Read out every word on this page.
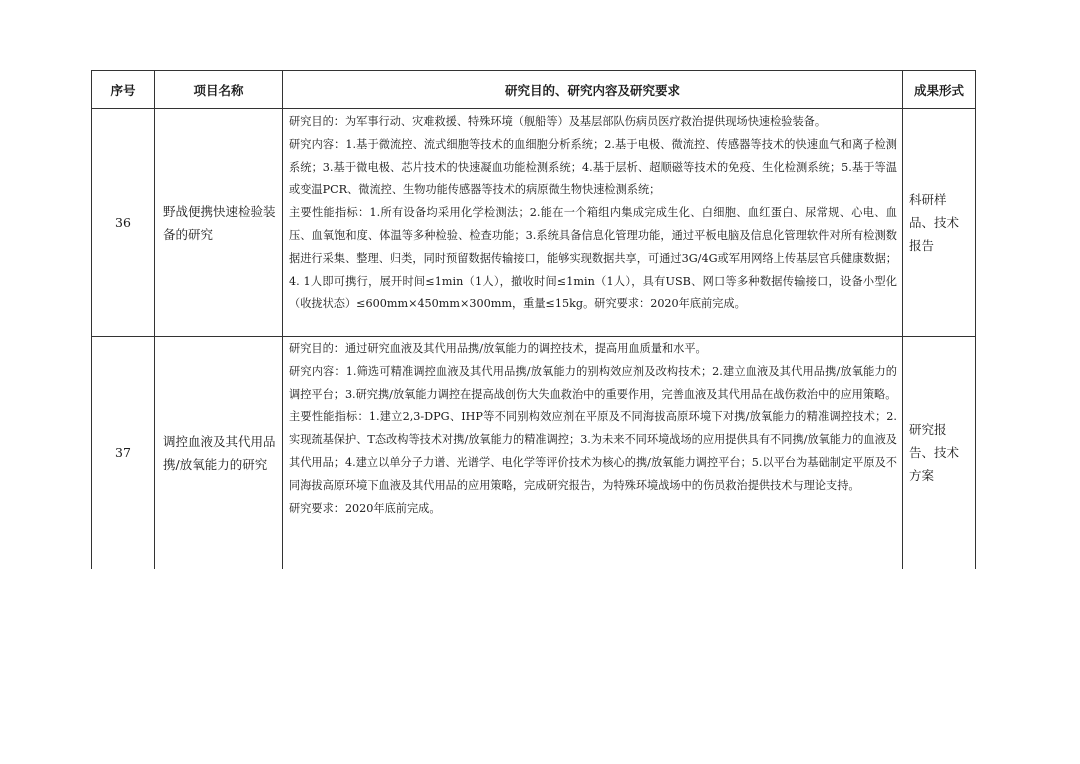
序号	项目名称	研究目的、研究内容及研究要求	成果形式
36	野战便携快速检验装备的研究	研究目的：为军事行动、灾难救援、特殊环境（舰船等）及基层部队伤病员医疗救治提供现场快速检验装备。

研究内容：1.基于微流控、流式细胞等技术的血细胞分析系统；2.基于电极、微流控、传感器等技术的快速血气和离子检测系统；3.基于微电极、芯片技术的快速凝血功能检测系统；4.基于层析、超顺磁等技术的免疫、生化检测系统；5.基于等温或变温PCR、微流控、生物功能传感器等技术的病原微生物快速检测系统；

主要性能指标：1.所有设备均采用化学检测法；2.能在一个箱组内集成完成生化、白细胞、血红蛋白、尿常规、心电、血压、血氧饱和度、体温等多种检验、检查功能；3.系统具备信息化管理功能，通过平板电脑及信息化管理软件对所有检测数据进行采集、整理、归类，同时预留数据传输接口，能够实现数据共享，可通过3G/4G或军用网络上传基层官兵健康数据；4. 1人即可携行，展开时间≤1min（1人），撤收时间≤1min（1人），具有USB、网口等多种数据传输接口，设备小型化（收拢状态）≤600mm×450mm×300mm，重量≤15kg。研究要求：2020年底前完成。	科研样品、技术报告
37	调控血液及其代用品携/放氧能力的研究	研究目的：通过研究血液及其代用品携/放氧能力的调控技术，提高用血质量和水平。

研究内容：1.筛选可精准调控血液及其代用品携/放氧能力的别构效应剂及改构技术；2.建立血液及其代用品携/放氧能力的调控平台；3.研究携/放氧能力调控在提高战创伤大失血救治中的重要作用，完善血液及其代用品在战伤救治中的应用策略。

主要性能指标：1.建立2,3-DPG、IHP等不同别构效应剂在平原及不同海拔高原环境下对携/放氧能力的精准调控技术；2.实现巯基保护、T态改构等技术对携/放氧能力的精准调控；3.为未来不同环境战场的应用提供具有不同携/放氧能力的血液及其代用品；4.建立以单分子力谱、光谱学、电化学等评价技术为核心的携/放氧能力调控平台；5.以平台为基础制定平原及不同海拔高原环境下血液及其代用品的应用策略，完成研究报告，为特殊环境战场中的伤员救治提供技术与理论支持。

研究要求：2020年底前完成。	研究报告、技术方案
